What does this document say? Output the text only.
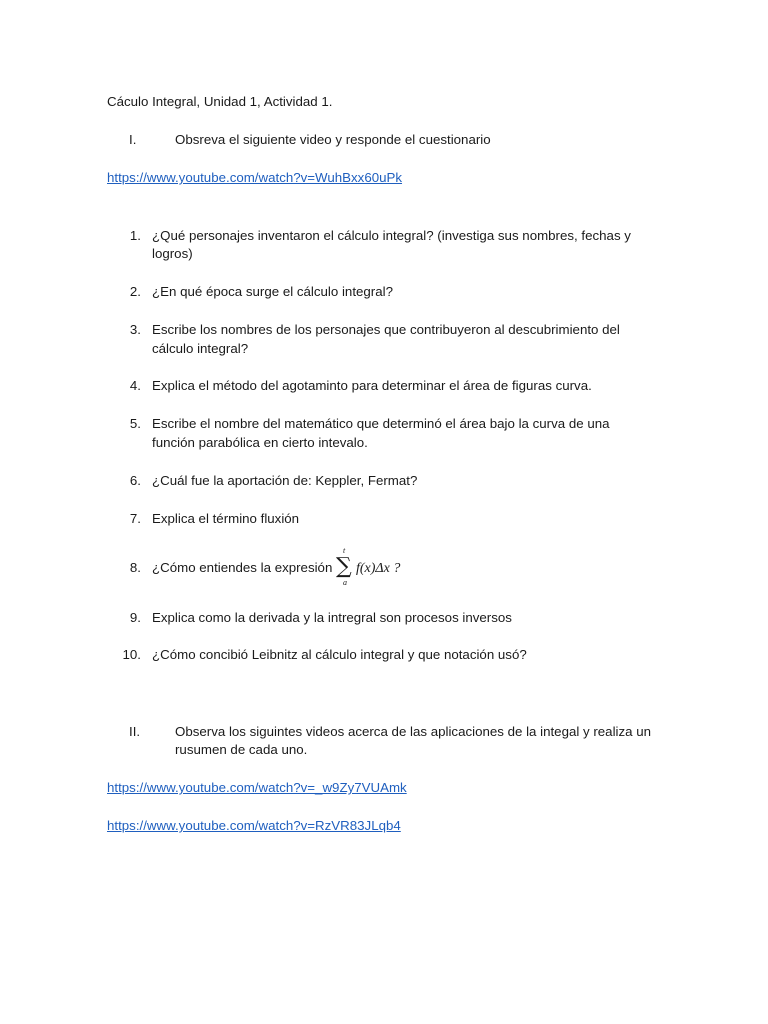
Cáculo Integral, Unidad 1, Actividad 1.
I.	Obsreva el siguiente video y responde el cuestionario
https://www.youtube.com/watch?v=WuhBxx60uPk
1. ¿Qué personajes inventaron el cálculo integral? (investiga sus nombres, fechas y
logros)
2. ¿En qué época surge el cálculo integral?
3. Escribe los nombres de los personajes que contribuyeron al descubrimiento del
cálculo integral?
4. Explica el método del agotaminto para determinar el área de figuras curva.
5. Escribe el nombre del matemático que determinó el área bajo la curva de una
función parabólica en cierto intevalo.
6. ¿Cuál fue la aportación de: Keppler, Fermat?
7. Explica el término fluxión
8. ¿Cómo entiendes la expresión
t
∑
a
f(x)Δx ?
9. Explica como la derivada y la intregral son procesos inversos
10. ¿Cómo concibió Leibnitz al cálculo integral y que notación usó?
II.	Observa los siguintes videos acerca de las aplicaciones de la integal y realiza un
rusumen de cada uno.
https://www.youtube.com/watch?v=_w9Zy7VUAmk
https://www.youtube.com/watch?v=RzVR83JLqb4
